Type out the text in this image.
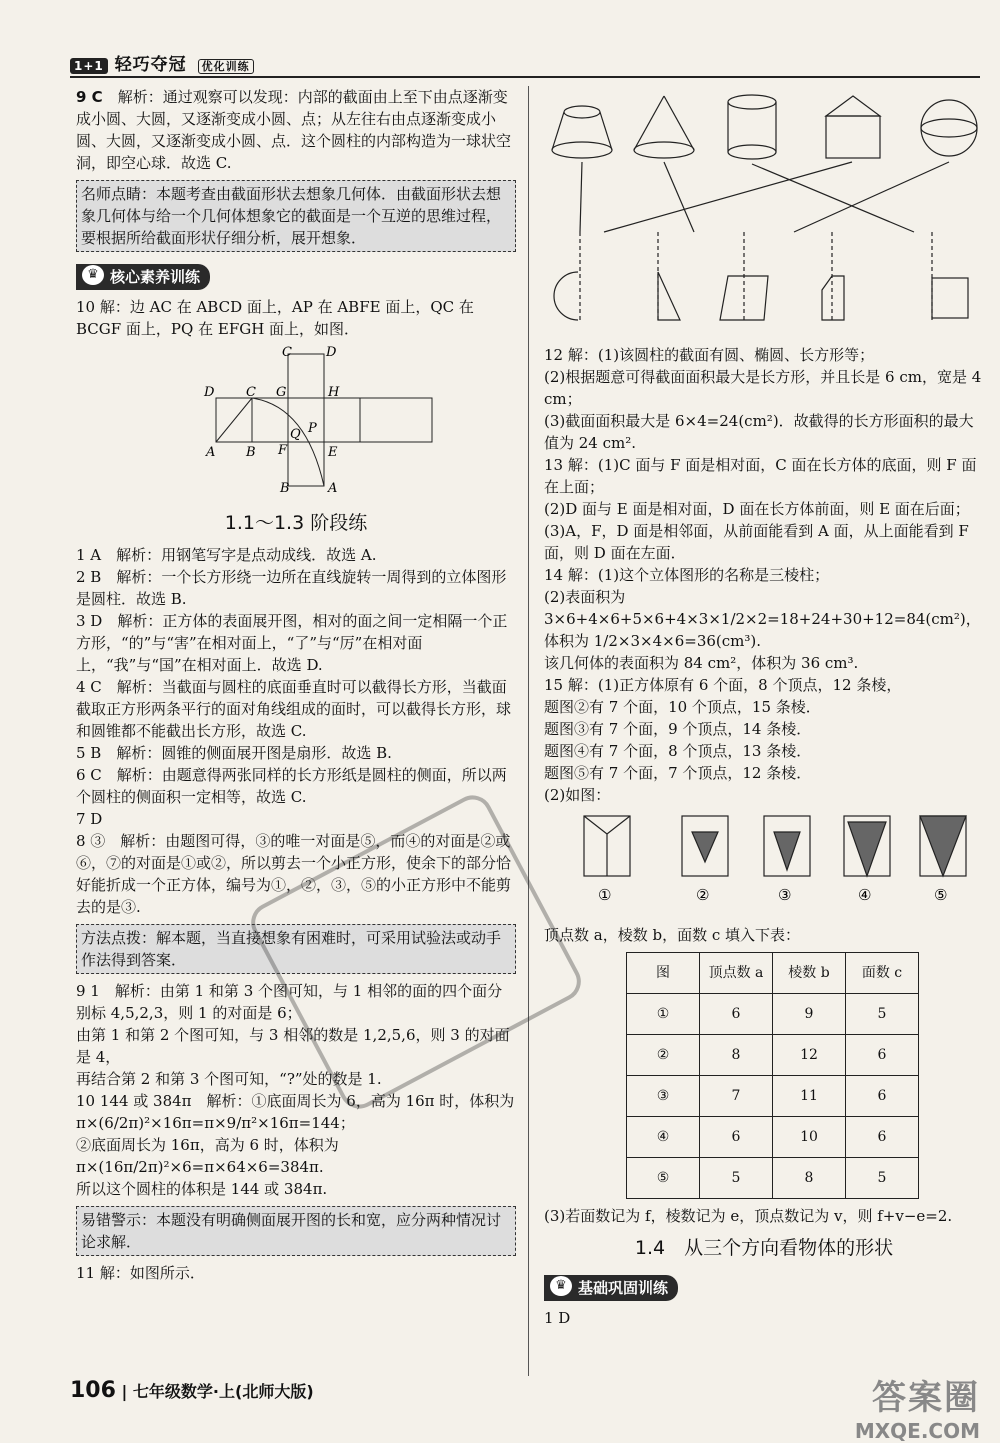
1+1 轻巧夺冠 优化训练

9 C　 解析：通过观察可以发现：内部的截面由上至下由点逐渐变成小圆、大圆，又逐渐变成小圆、点；从左往右由点逐渐变成小圆、大圆，又逐渐变成小圆、点．这个圆柱的内部构造为一球状空洞，即空心球．故选 C.

名师点睛：本题考查由截面形状去想象几何体．由截面形状去想象几何体与给一个几何体想象它的截面是一个互逆的思维过程，要根据所给截面形状仔细分析，展开想象．
♛ 核心素养训练

10 解：边 AC 在 ABCD 面上，AP 在 ABFE 面上，QC 在 BCGF 面上，PQ 在 EFGH 面上，如图．

C	D
D C G	H
A B F	E
Q P
B	A
1.1～1.3 阶段练

1 A　解析：用钢笔写字是点动成线．故选 A.

2 B　解析：一个长方形绕一边所在直线旋转一周得到的立体图形是圆柱．故选 B.

3 D　解析：正方体的表面展开图，相对的面之间一定相隔一个正方形，“的”与“害”在相对面上，“了”与“厉”在相对面上，“我”与“国”在相对面上．故选 D.

4 C　解析：当截面与圆柱的底面垂直时可以截得长方形，当截面截取正方形两条平行的面对角线组成的面时，可以截得长方形，球和圆锥都不能截出长方形，故选 C.

5 B　解析：圆锥的侧面展开图是扇形．故选 B.

6 C　解析：由题意得两张同样的长方形纸是圆柱的侧面，所以两个圆柱的侧面积一定相等，故选 C.

7 D

8 ③　解析：由题图可得，③的唯一对面是⑤，而④的对面是②或⑥，⑦的对面是①或②，所以剪去一个小正方形，使余下的部分恰好能折成一个正方体，编号为①，②，③，⑤的小正方形中不能剪去的是③.

方法点拨：解本题，当直接想象有困难时，可采用试验法或动手作法得到答案．

9 1　解析：由第 1 和第 3 个图可知，与 1 相邻的面的四个面分别标 4,5,2,3，则 1 的对面是 6；
由第 1 和第 2 个图可知，与 3 相邻的数是 1,2,5,6，则 3 的对面是 4，
再结合第 2 和第 3 个图可知，“?”处的数是 1.

10 144 或 384π　解析：①底面周长为 6，高为 16π 时，体积为 π×(6/2π)²×16π=π×9/π²×16π=144；

②底面周长为 16π，高为 6 时，体积为 π×(16π/2π)²×6=π×64×6=384π.

所以这个圆柱的体积是 144 或 384π.

易错警示：本题没有明确侧面展开图的长和宽，应分两种情况讨论求解．

11 解：如图所示．

12 解：(1)该圆柱的截面有圆、椭圆、长方形等；
(2)根据题意可得截面面积最大是长方形，并且长是 6 cm，宽是 4 cm；
(3)截面面积最大是 6×4=24(cm²)．故截得的长方形面积的最大值为 24 cm².

13 解：(1)C 面与 F 面是相对面，C 面在长方体的底面，则 F 面在上面；
(2)D 面与 E 面是相对面，D 面在长方体前面，则 E 面在后面；
(3)A，F，D 面是相邻面，从前面能看到 A 面，从上面能看到 F 面，则 D 面在左面．

14 解：(1)这个立体图形的名称是三棱柱；
(2)表面积为 3×6+4×6+5×6+4×3×1/2×2=18+24+30+12=84(cm²)，体积为 1/2×3×4×6=36(cm³).
该几何体的表面积为 84 cm²，体积为 36 cm³.

15 解：(1)正方体原有 6 个面，8 个顶点，12 条棱，
题图②有 7 个面，10 个顶点，15 条棱．
题图③有 7 个面，9 个顶点，14 条棱．
题图④有 7 个面，8 个顶点，13 条棱．
题图⑤有 7 个面，7 个顶点，12 条棱．
(2)如图：

①	②	③	④	⑤

顶点数 a，棱数 b，面数 c 填入下表：

图	顶点数 a	棱数 b	面数 c
①	6	9	5
②	8	12	6
③	7	11	6
④	6	10	6
⑤	5	8	5

(3)若面数记为 f，棱数记为 e，顶点数记为 v，则 f+v−e=2.

1.4　从三个方向看物体的形状
♛ 基础巩固训练

1 D

106 | 七年级数学·上(北师大版)	答案圈
MXQE.COM
